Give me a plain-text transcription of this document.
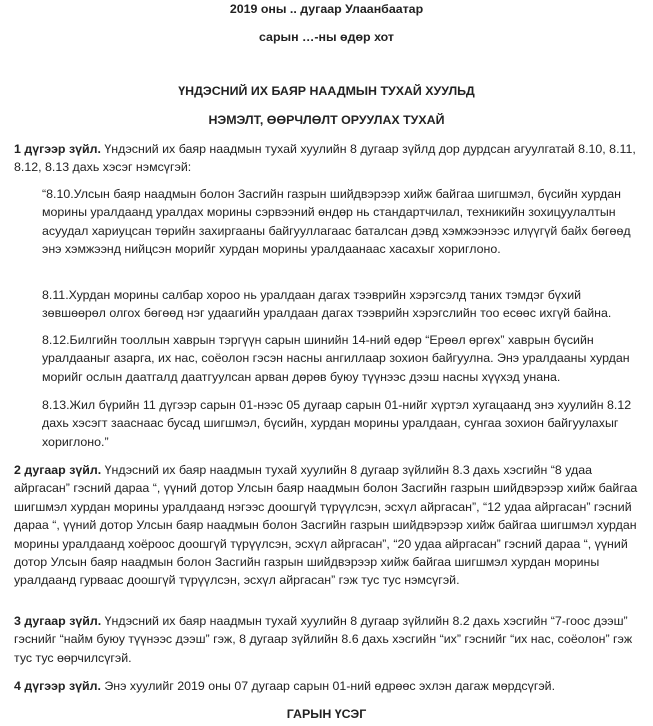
2019 оны .. дугаар Улаанбаатар
сарын …-ны өдөр хот
ҮНДЭСНИЙ ИХ БАЯР НААДМЫН ТУХАЙ ХУУЛЬД
НЭМЭЛТ, ӨӨРЧЛӨЛТ ОРУУЛАХ ТУХАЙ
1 дүгээр зүйл. Үндэсний их баяр наадмын тухай хуулийн 8 дугаар зүйлд дор дурдсан агуулгатай 8.10, 8.11, 8.12, 8.13 дахь хэсэг нэмсүгэй:
“8.10.Улсын баяр наадмын болон Засгийн газрын шийдвэрээр хийж байгаа шигшмэл, бүсийн хурдан морины уралдаанд уралдах морины сэрвээний өндөр нь стандартчилал, техникийн зохицуулалтын асуудал хариуцсан төрийн захиргааны байгууллагаас баталсан дэвд хэмжээнээс илүүгүй байх бөгөөд энэ хэмжээнд нийцсэн морийг хурдан морины уралдаанаас хасахыг хориглоно.
8.11.Хурдан морины салбар хороо нь уралдаан дагах тээврийн хэрэгсэлд таних тэмдэг бүхий зөвшөөрөл олгох бөгөөд нэг удаагийн уралдаан дагах тээврийн хэрэгслийн тоо есөөс ихгүй байна.
8.12.Билгийн тооллын хаврын тэргүүн сарын шинийн 14-ний өдөр “Ерөөл өргөх” хаврын бүсийн уралдааныг азарга, их нас, соёолон гэсэн насны ангиллаар зохион байгуулна. Энэ уралдааны хурдан морийг ослын даатгалд даатгуулсан арван дөрөв буюу түүнээс дээш насны хүүхэд унана.
8.13.Жил бүрийн 11 дүгээр сарын 01-нээс 05 дугаар сарын 01-нийг хүртэл хугацаанд энэ хуулийн 8.12 дахь хэсэгт зааснаас бусад шигшмэл, бүсийн, хурдан морины уралдаан, сунгаа зохион байгуулахыг хориглоно.”
2 дугаар зүйл. Үндэсний их баяр наадмын тухай хуулийн 8 дугаар зүйлийн 8.3 дахь хэсгийн “8 удаа айргасан” гэсний дараа “, үүний дотор Улсын баяр наадмын болон Засгийн газрын шийдвэрээр хийж байгаа шигшмэл хурдан морины уралдаанд нэгээс доошгүй түрүүлсэн, эсхүл айргасан”, “12 удаа айргасан” гэсний дараа “, үүний дотор Улсын баяр наадмын болон Засгийн газрын шийдвэрээр хийж байгаа шигшмэл хурдан морины уралдаанд хоёроос доошгүй түрүүлсэн, эсхүл айргасан”, “20 удаа айргасан” гэсний дараа “, үүний дотор Улсын баяр наадмын болон Засгийн газрын шийдвэрээр хийж байгаа шигшмэл хурдан морины уралдаанд гурваас доошгүй түрүүлсэн, эсхүл айргасан” гэж тус тус нэмсүгэй.
3 дугаар зүйл. Үндэсний их баяр наадмын тухай хуулийн 8 дугаар зүйлийн 8.2 дахь хэсгийн “7-гоос дээш” гэснийг “найм буюу түүнээс дээш” гэж, 8 дугаар зүйлийн 8.6 дахь хэсгийн “их” гэснийг “их нас, соёолон” гэж тус тус өөрчилсүгэй.
4 дүгээр зүйл. Энэ хуулийг 2019 оны 07 дугаар сарын 01-ний өдрөөс эхлэн дагаж мөрдсүгэй.
ГАРЫН ҮСЭГ
